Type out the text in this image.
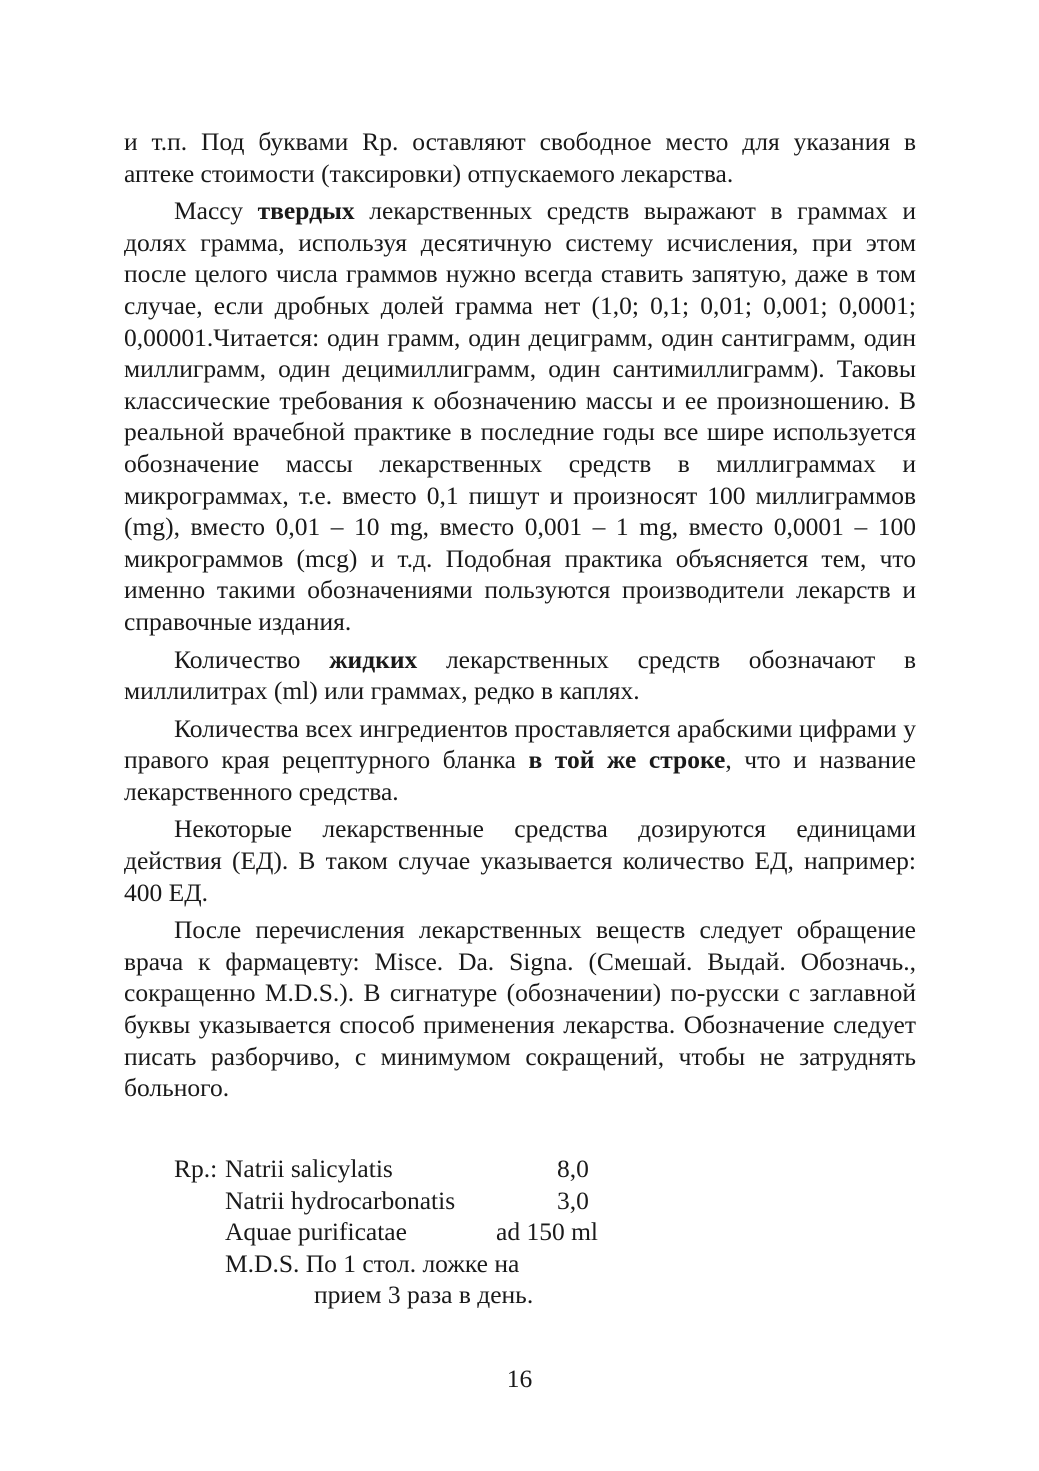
и т.п. Под буквами Rp. оставляют свободное место для указания в аптеке стоимости (таксировки) отпускаемого лекарства.

Массу твердых лекарственных средств выражают в граммах и долях грамма, используя десятичную систему исчисления, при этом после целого числа граммов нужно всегда ставить запятую, даже в том случае, если дробных долей грамма нет (1,0; 0,1; 0,01; 0,001; 0,0001; 0,00001.Читается: один грамм, один дециграмм, один сантиграмм, один миллиграмм, один децимиллиграмм, один сантимиллиграмм). Таковы классические требования к обозначению массы и ее произношению. В реальной врачебной практике в последние годы все шире используется обозначение массы лекарственных средств в миллиграммах и микрограммах, т.е. вместо 0,1 пишут и произносят 100 миллиграммов (mg), вместо 0,01 – 10 mg, вместо 0,001 – 1 mg, вместо 0,0001 – 100 микрограммов (mcg) и т.д. Подобная практика объясняется тем, что именно такими обозначениями пользуются производители лекарств и справочные издания.

Количество жидких лекарственных средств обозначают в миллилитрах (ml) или граммах, редко в каплях.

Количества всех ингредиентов проставляется арабскими цифрами у правого края рецептурного бланка в той же строке, что и название лекарственного средства.

Некоторые лекарственные средства дозируются единицами действия (ЕД). В таком случае указывается количество ЕД, например: 400 ЕД.

После перечисления лекарственных веществ следует обращение врача к фармацевту: Misce. Da. Signa. (Смешай. Выдай. Обозначь., сокращенно M.D.S.). В сигнатуре (обозначении) по-русски с заглавной буквы указывается способ применения лекарства. Обозначение следует писать разборчиво, с минимумом сокращений, чтобы не затруднять больного.

Rp.: Natrii salicylatis	8,0
Natrii hydrocarbonatis	3,0
Aquae purificatae	ad 150 ml
M.D.S. По 1 стол. ложке на
прием 3 раза в день.
16
